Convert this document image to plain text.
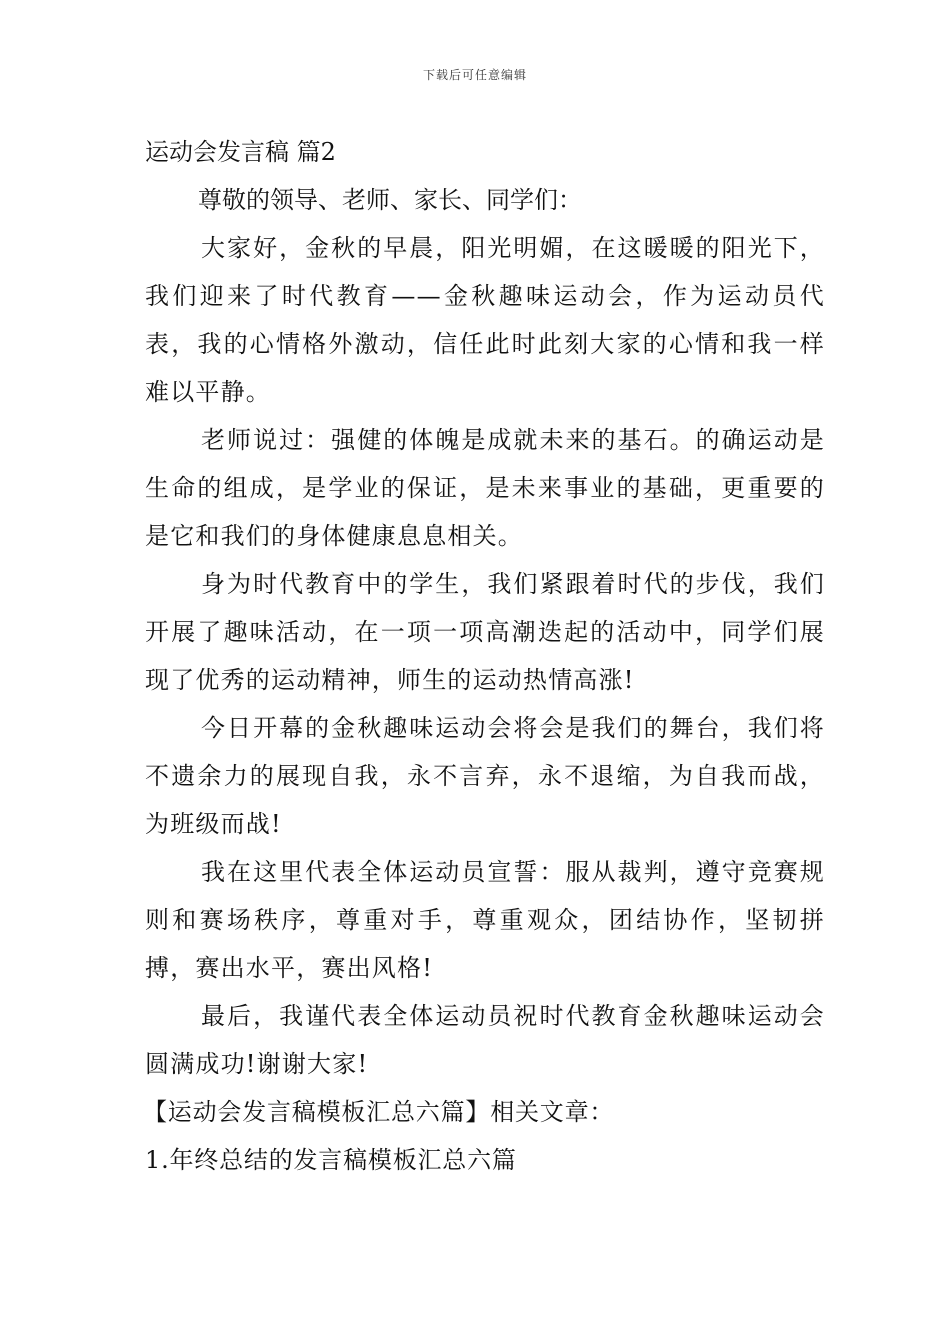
下载后可任意编辑
运动会发言稿 篇2

尊敬的领导、老师、家长、同学们：

大家好，金秋的早晨，阳光明媚，在这暖暖的阳光下，我们迎来了时代教育——金秋趣味运动会，作为运动员代表，我的心情格外激动，信任此时此刻大家的心情和我一样难以平静。

老师说过：强健的体魄是成就未来的基石。的确运动是生命的组成，是学业的保证，是未来事业的基础，更重要的是它和我们的身体健康息息相关。

身为时代教育中的学生，我们紧跟着时代的步伐，我们开展了趣味活动，在一项一项高潮迭起的活动中，同学们展现了优秀的运动精神，师生的运动热情高涨!

今日开幕的金秋趣味运动会将会是我们的舞台，我们将不遗余力的展现自我，永不言弃，永不退缩，为自我而战，为班级而战!

我在这里代表全体运动员宣誓：服从裁判，遵守竞赛规则和赛场秩序，尊重对手，尊重观众，团结协作，坚韧拼搏，赛出水平，赛出风格!

最后，我谨代表全体运动员祝时代教育金秋趣味运动会圆满成功!谢谢大家!

【运动会发言稿模板汇总六篇】相关文章：

1.年终总结的发言稿模板汇总六篇
